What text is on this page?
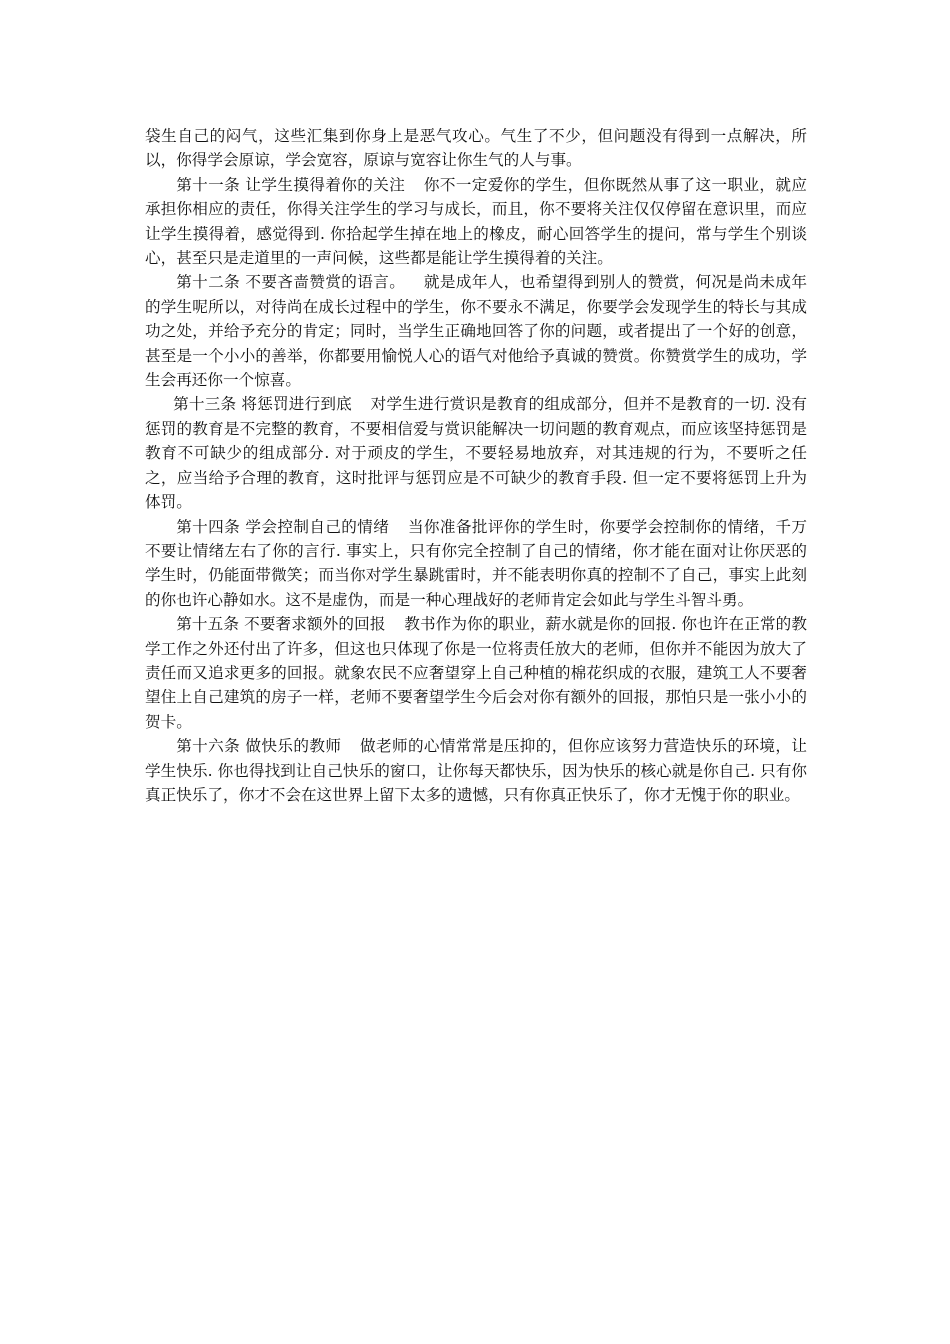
袋生自己的闷气，这些汇集到你身上是恶气攻心。气生了不少，但问题没有得到一点解决，所以，你得学会原谅，学会宽容，原谅与宽容让你生气的人与事。

第十一条 让学生摸得着你的关注 你不一定爱你的学生，但你既然从事了这一职业，就应承担你相应的责任，你得关注学生的学习与成长，而且，你不要将关注仅仅停留在意识里，而应让学生摸得着，感觉得到. 你拾起学生掉在地上的橡皮，耐心回答学生的提问，常与学生个别谈心，甚至只是走道里的一声问候，这些都是能让学生摸得着的关注。

第十二条 不要吝啬赞赏的语言。 就是成年人，也希望得到别人的赞赏，何况是尚未成年的学生呢所以，对待尚在成长过程中的学生，你不要永不满足，你要学会发现学生的特长与其成功之处，并给予充分的肯定；同时，当学生正确地回答了你的问题，或者提出了一个好的创意，甚至是一个小小的善举，你都要用愉悦人心的语气对他给予真诚的赞赏。你赞赏学生的成功，学生会再还你一个惊喜。

第十三条 将惩罚进行到底 对学生进行赏识是教育的组成部分，但并不是教育的一切. 没有惩罚的教育是不完整的教育，不要相信爱与赏识能解决一切问题的教育观点，而应该坚持惩罚是教育不可缺少的组成部分. 对于顽皮的学生，不要轻易地放弃，对其违规的行为，不要听之任之，应当给予合理的教育，这时批评与惩罚应是不可缺少的教育手段. 但一定不要将惩罚上升为体罚。

第十四条 学会控制自己的情绪 当你准备批评你的学生时，你要学会控制你的情绪，千万不要让情绪左右了你的言行. 事实上，只有你完全控制了自己的情绪，你才能在面对让你厌恶的学生时，仍能面带微笑；而当你对学生暴跳雷时，并不能表明你真的控制不了自己，事实上此刻的你也许心静如水。这不是虚伪，而是一种心理战好的老师肯定会如此与学生斗智斗勇。

第十五条 不要奢求额外的回报 教书作为你的职业，薪水就是你的回报. 你也许在正常的教学工作之外还付出了许多，但这也只体现了你是一位将责任放大的老师，但你并不能因为放大了责任而又追求更多的回报。就象农民不应奢望穿上自己种植的棉花织成的衣服，建筑工人不要奢望住上自己建筑的房子一样，老师不要奢望学生今后会对你有额外的回报，那怕只是一张小小的贺卡。

第十六条 做快乐的教师 做老师的心情常常是压抑的，但你应该努力营造快乐的环境，让学生快乐. 你也得找到让自己快乐的窗口，让你每天都快乐，因为快乐的核心就是你自己. 只有你真正快乐了，你才不会在这世界上留下太多的遗憾，只有你真正快乐了，你才无愧于你的职业。
